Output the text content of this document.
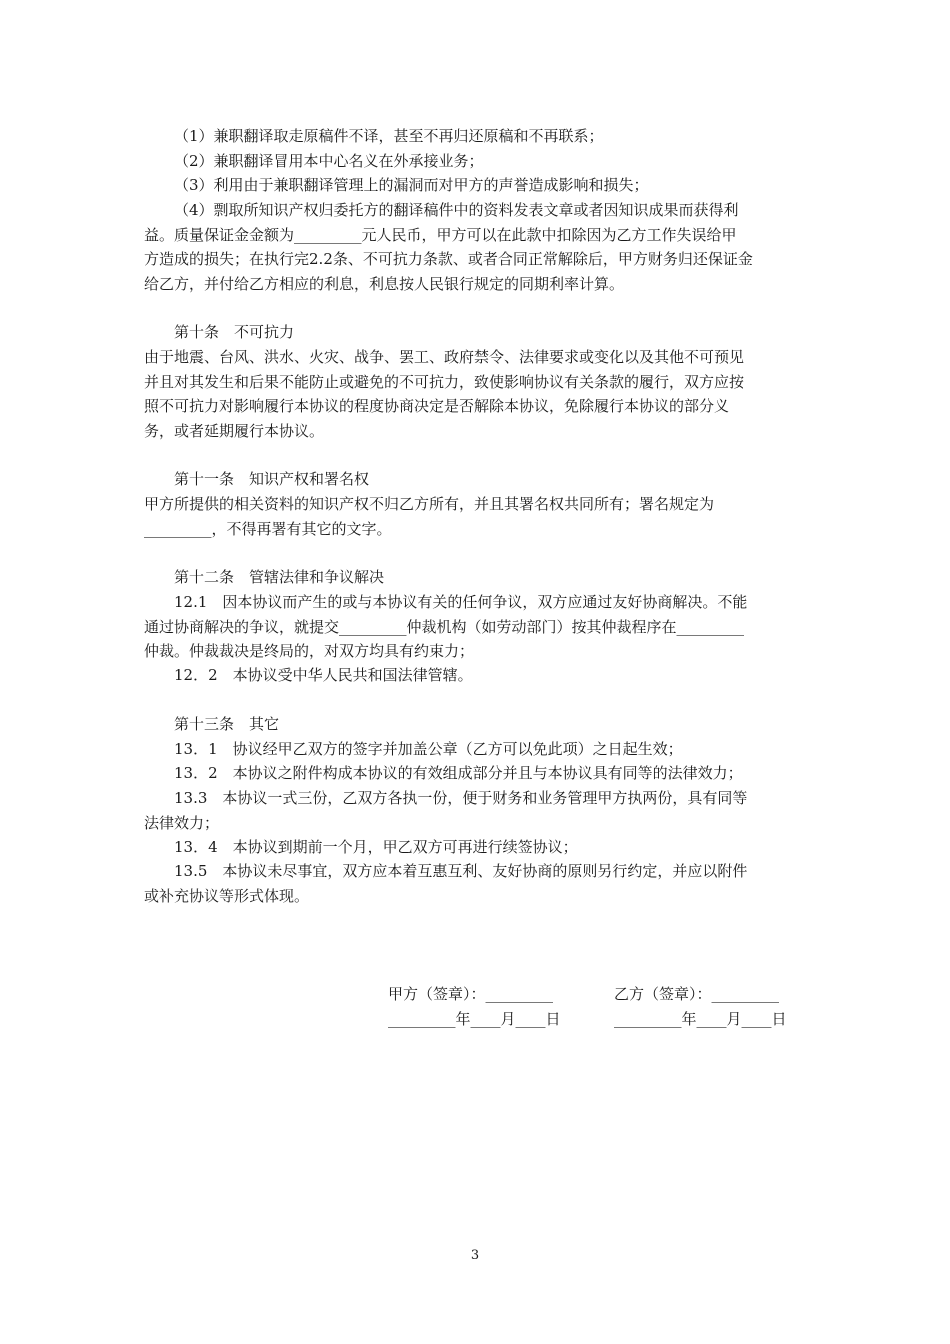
（1）兼职翻译取走原稿件不译，甚至不再归还原稿和不再联系；
（2）兼职翻译冒用本中心名义在外承接业务；
（3）利用由于兼职翻译管理上的漏洞而对甲方的声誉造成影响和损失；
（4）剽取所知识产权归委托方的翻译稿件中的资料发表文章或者因知识成果而获得利
益。质量保证金金额为_________元人民币，甲方可以在此款中扣除因为乙方工作失误给甲
方造成的损失；在执行完2.2条、不可抗力条款、或者合同正常解除后，甲方财务归还保证金
给乙方，并付给乙方相应的利息，利息按人民银行规定的同期利率计算。
第十条　不可抗力
由于地震、台风、洪水、火灾、战争、罢工、政府禁令、法律要求或变化以及其他不可预见
并且对其发生和后果不能防止或避免的不可抗力，致使影响协议有关条款的履行，双方应按
照不可抗力对影响履行本协议的程度协商决定是否解除本协议，免除履行本协议的部分义
务，或者延期履行本协议。
第十一条　知识产权和署名权
甲方所提供的相关资料的知识产权不归乙方所有，并且其署名权共同所有；署名规定为
_________，不得再署有其它的文字。
第十二条　管辖法律和争议解决
12.1　因本协议而产生的或与本协议有关的任何争议，双方应通过友好协商解决。不能
通过协商解决的争议，就提交_________仲裁机构（如劳动部门）按其仲裁程序在_________
仲裁。仲裁裁决是终局的，对双方均具有约束力；
12．2　本协议受中华人民共和国法律管辖。
第十三条　其它
13．1　协议经甲乙双方的签字并加盖公章（乙方可以免此项）之日起生效；
13．2　本协议之附件构成本协议的有效组成部分并且与本协议具有同等的法律效力；
13.3　本协议一式三份，乙双方各执一份，便于财务和业务管理甲方执两份，具有同等
法律效力；
13．4　本协议到期前一个月，甲乙双方可再进行续签协议；
13.5　本协议未尽事宜，双方应本着互惠互利、友好协商的原则另行约定，并应以附件
或补充协议等形式体现。
甲方（签章）：_________	乙方（签章）：_________
_________年____月____日	_________年____月____日
3
